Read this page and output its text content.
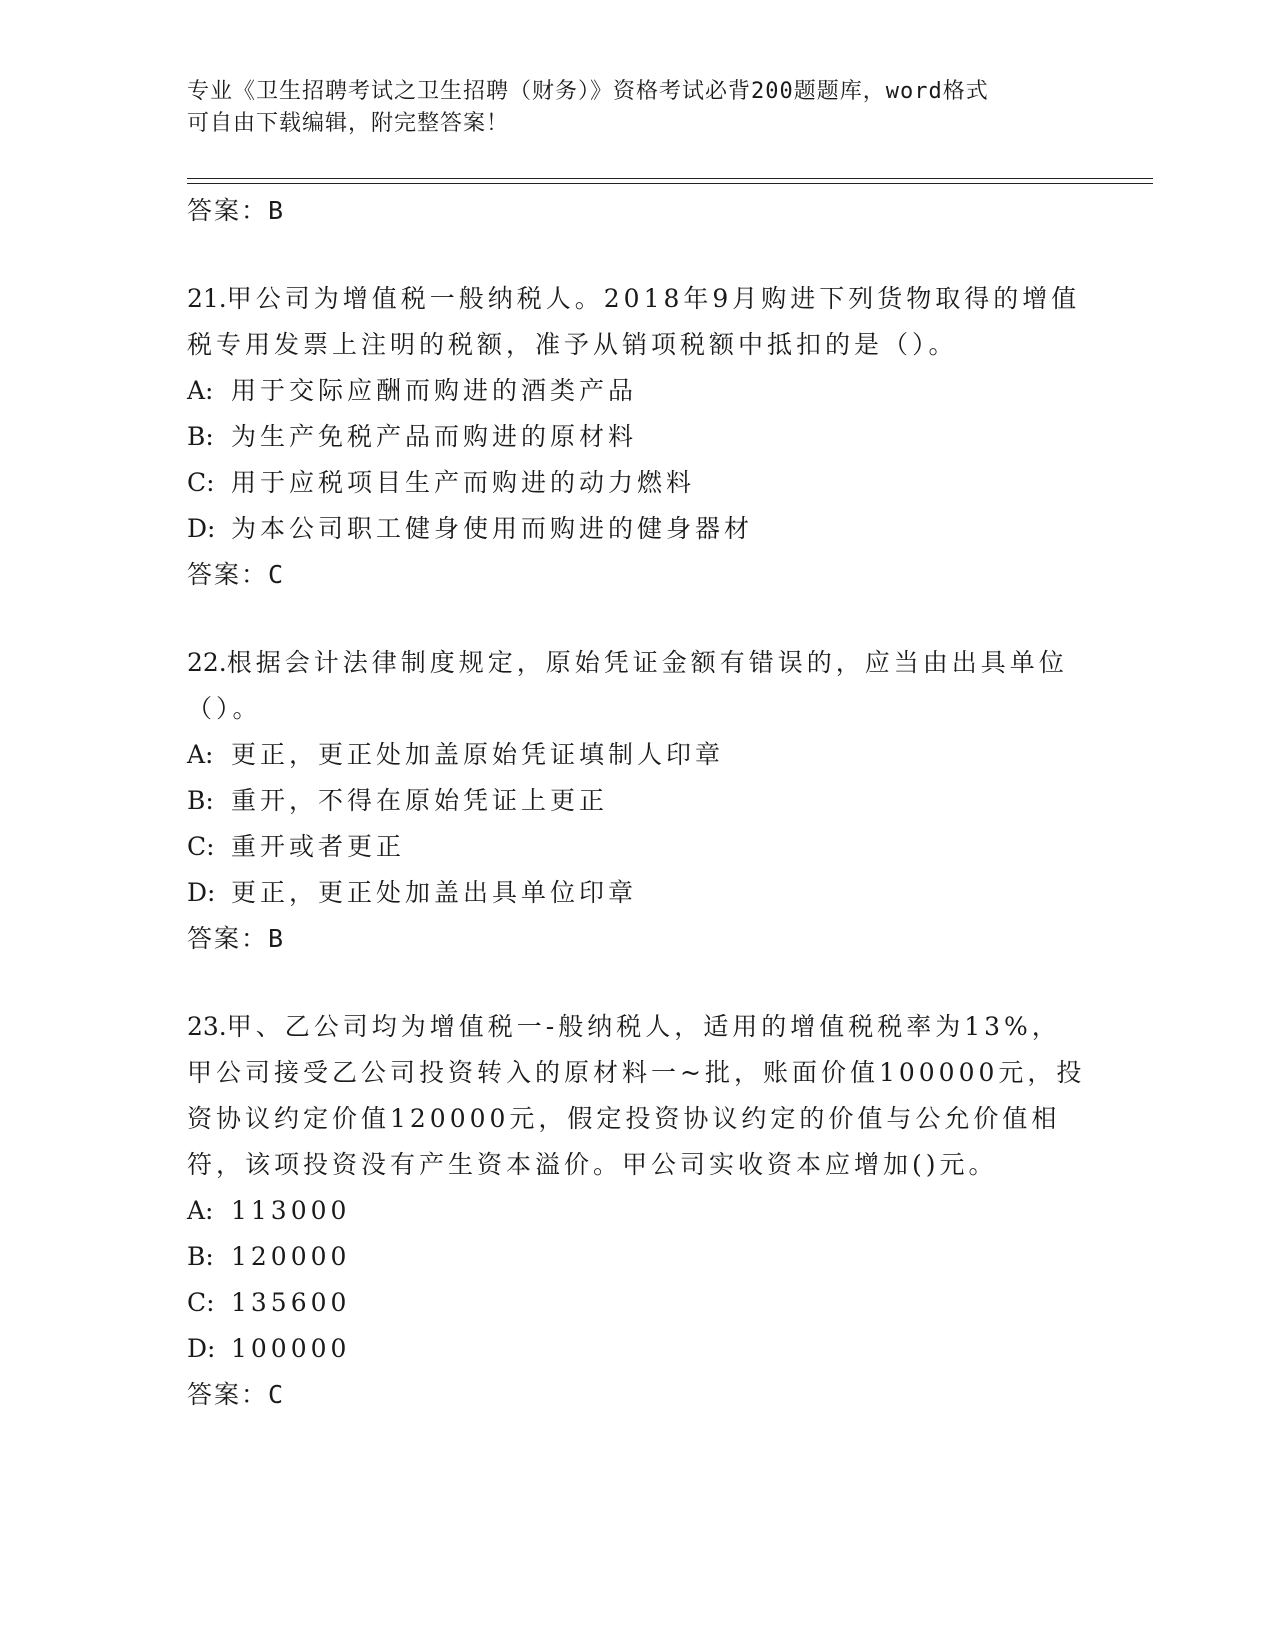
专业《卫生招聘考试之卫生招聘（财务）》资格考试必背200题题库，word格式
可自由下载编辑，附完整答案！

答案：B

21.甲公司为增值税一般纳税人。2018年9月购进下列货物取得的增值税专用发票上注明的税额，准予从销项税额中抵扣的是（）。

A: 用于交际应酬而购进的酒类产品

B: 为生产免税产品而购进的原材料

C: 用于应税项目生产而购进的动力燃料

D: 为本公司职工健身使用而购进的健身器材

答案：C

22.根据会计法律制度规定，原始凭证金额有错误的，应当由出具单位（）。

A: 更正，更正处加盖原始凭证填制人印章

B: 重开，不得在原始凭证上更正

C: 重开或者更正

D: 更正，更正处加盖出具单位印章

答案：B

23.甲、乙公司均为增值税一-般纳税人，适用的增值税税率为13%，甲公司接受乙公司投资转入的原材料一~批，账面价值100000元，投资协议约定价值120000元，假定投资协议约定的价值与公允价值相符，该项投资没有产生资本溢价。甲公司实收资本应增加()元。

A: 113000

B: 120000

C: 135600

D: 100000

答案：C
